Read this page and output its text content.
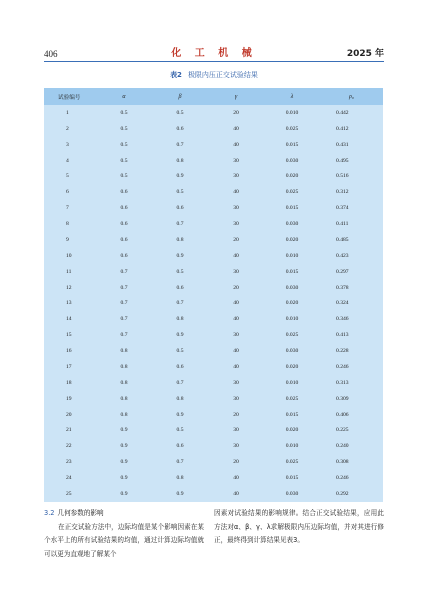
406	化 工 机 械	2025 年
表2 极限内压正交试验结果
试验编号	α	β	γ	λ	ρ₀
1	0.5	0.5	20	0.010	0.442
2	0.5	0.6	40	0.025	0.412
3	0.5	0.7	40	0.015	0.431
4	0.5	0.8	30	0.030	0.495
5	0.5	0.9	30	0.020	0.516
6	0.6	0.5	40	0.025	0.312
7	0.6	0.6	30	0.015	0.374
8	0.6	0.7	30	0.030	0.411
9	0.6	0.8	20	0.020	0.485
10	0.6	0.9	40	0.010	0.423
11	0.7	0.5	30	0.015	0.297
12	0.7	0.6	20	0.030	0.378
13	0.7	0.7	40	0.020	0.324
14	0.7	0.8	40	0.010	0.346
15	0.7	0.9	30	0.025	0.413
16	0.8	0.5	40	0.030	0.228
17	0.8	0.6	40	0.020	0.246
18	0.8	0.7	30	0.010	0.313
19	0.8	0.8	30	0.025	0.309
20	0.8	0.9	20	0.015	0.406
21	0.9	0.5	30	0.020	0.225
22	0.9	0.6	30	0.010	0.240
23	0.9	0.7	20	0.025	0.308
24	0.9	0.8	40	0.015	0.246
25	0.9	0.9	40	0.030	0.292
3.2 几何参数的影响
在正交试验方法中，边际均值是某个影响因素在某个水平上的所有试验结果的均值，通过计算边际均值就可以更为直观地了解某个
因素对试验结果的影响规律。结合正交试验结果，应用此方法对α、β、γ、λ求解极限内压边际均值，并对其进行修正，最终得到计算结果见表3。
